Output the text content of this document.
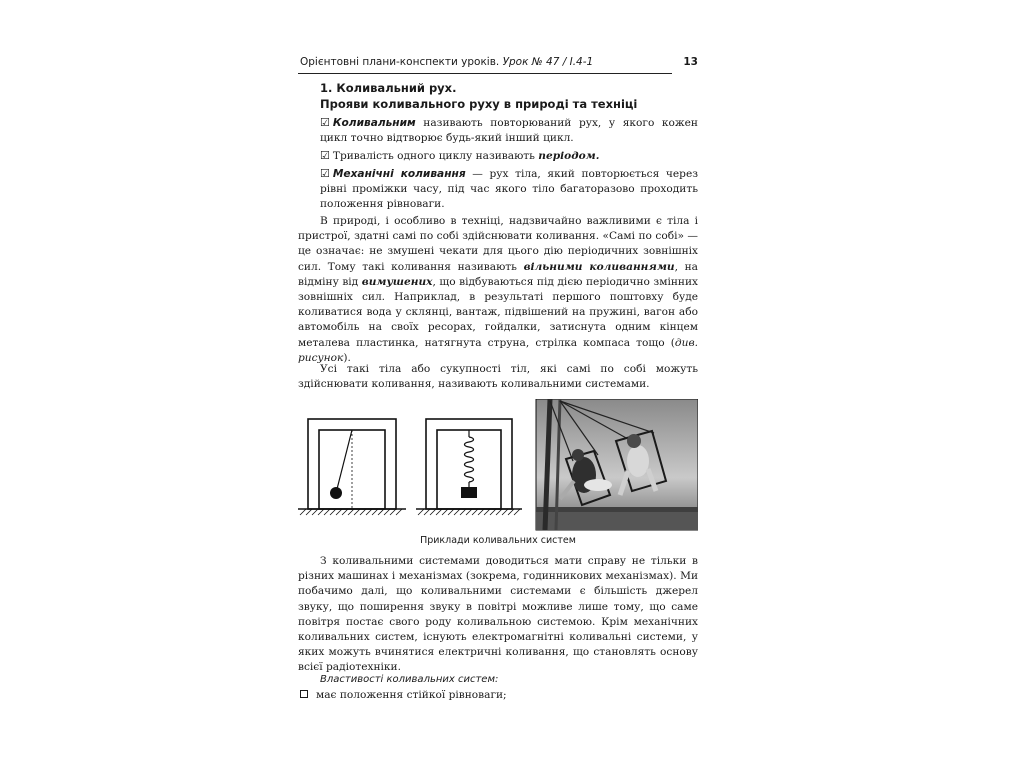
Орієнтовні плани-конспекти уроків. Урок № 47 / І.4-1	13
1. Коливальний рух.
Прояви коливального руху в природі та техніці
☑ Коливальним називають повторюваний рух, у якого кожен цикл точно відтворює будь-який інший цикл.
☑ Тривалість одного циклу називають періодом.
☑ Механічні коливання — рух тіла, який повторюється через рівні проміжки часу, під час якого тіло багаторазово проходить положення рівноваги.
В природі, і особливо в техніці, надзвичайно важливими є тіла і пристрої, здатні самі по собі здійснювати коливання. «Самі по собі» — це означає: не змушені чекати для цього дію періодичних зовнішніх сил. Тому такі коливання називають вільними коливаннями, на відміну від вимушених, що відбуваються під дією періодично змінних зовнішніх сил. Наприклад, в результаті першого поштовху буде коливатися вода у склянці, вантаж, підвішений на пружині, вагон або автомобіль на своїх ресорах, гойдалки, затиснута одним кінцем металева пластинка, натягнута струна, стрілка компаса тощо (див. рисунок).
Усі такі тіла або сукупності тіл, які самі по собі можуть здійснювати коливання, називають коливальними системами.
Приклади коливальних систем
З коливальними системами доводиться мати справу не тільки в різних машинах і механізмах (зокрема, годинникових механізмах). Ми побачимо далі, що коливальними системами є більшість джерел звуку, що поширення звуку в повітрі можливе лише тому, що саме повітря постає свого роду коливальною системою. Крім механічних коливальних систем, існують електромагнітні коливальні системи, у яких можуть вчинятися електричні коливання, що становлять основу всієї радіотехніки.
Властивості коливальних систем:
має положення стійкої рівноваги;
